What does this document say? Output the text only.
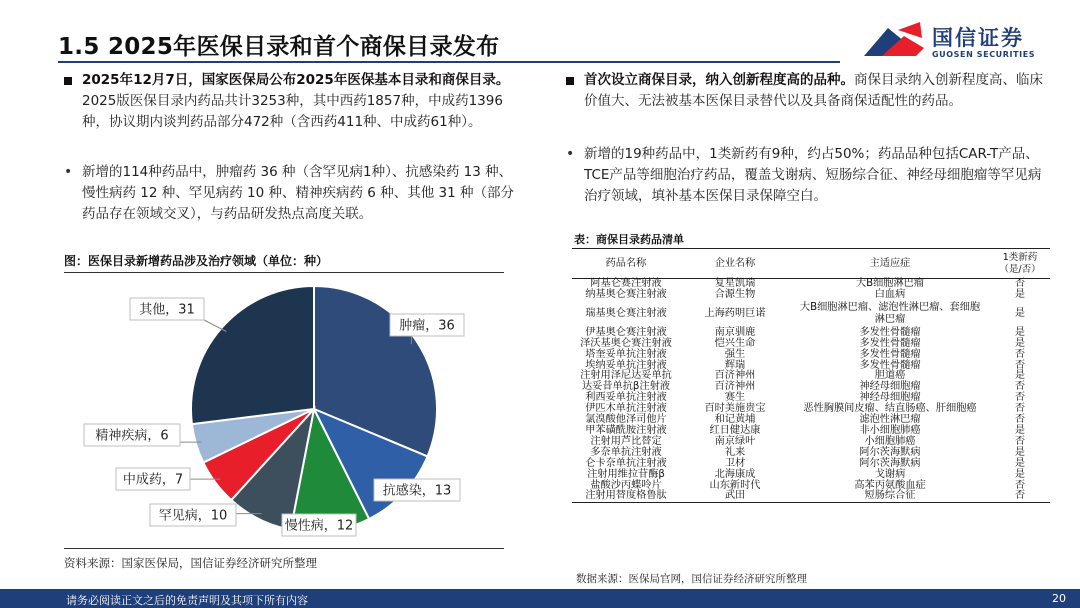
1.5 2025年医保目录和首个商保目录发布	国信证券
GUOSEN SECURITIES
2025年12月7日，国家医保局公布2025年医保基本目录和商保目录。2025版医保目录内药品共计3253种，其中西药1857种，中成药1396种，协议期内谈判药品部分472种（含西药411种、中成药61种）。
• 新增的114种药品中，肿瘤药 36 种（含罕见病1种）、抗感染药 13 种、慢性病药 12 种、罕见病药 10 种、精神疾病药 6 种、其他 31 种（部分药品存在领域交叉），与药品研发热点高度关联。
图：医保目录新增药品涉及治疗领域（单位：种）
肿瘤，36
抗感染，13
慢性病，12
罕见病，10
中成药，7
精神疾病，6
其他，31
资料来源：国家医保局，国信证券经济研究所整理
首次设立商保目录，纳入创新程度高的品种。商保目录纳入创新程度高、临床价值大、无法被基本医保目录替代以及具备商保适配性的药品。
• 新增的19种药品中，1类新药有9种，约占50%；药品品种包括CAR-T产品、TCE产品等细胞治疗药品，覆盖戈谢病、短肠综合征、神经母细胞瘤等罕见病治疗领域，填补基本医保目录保障空白。
表：商保目录药品清单
药品名称	企业名称	主适应症	1类新药（是/否）
阿基仑赛注射液	复星凯瑞	大B细胞淋巴瘤	否
纳基奥仑赛注射液	合源生物	白血病	是
瑞基奥仑赛注射液	上海药明巨诺	大B细胞淋巴瘤、滤泡性淋巴瘤、套细胞淋巴瘤	是
伊基奥仑赛注射液	南京驯鹿	多发性骨髓瘤	是
泽沃基奥仑赛注射液	恺兴生命	多发性骨髓瘤	是
塔奎妥单抗注射液	强生	多发性骨髓瘤	否
埃纳妥单抗注射液	辉瑞	多发性骨髓瘤	否
注射用泽尼达妥单抗	百济神州	胆道癌	是
达妥昔单抗β注射液	百济神州	神经母细胞瘤	否
利西妥单抗注射液	赛生	神经母细胞瘤	否
伊匹木单抗注射液	百时美施贵宝	恶性胸膜间皮瘤、结直肠癌、肝细胞癌	否
氯溴酸他泽司他片	和记黄埔	滤泡性淋巴瘤	否
甲苯磺酰胺注射液	红日健达康	非小细胞肺癌	是
注射用芦比替定	南京绿叶	小细胞肺癌	否
多奈单抗注射液	礼来	阿尔茨海默病	是
仑卡奈单抗注射液	卫材	阿尔茨海默病	是
注射用维拉苷酶β	北海康成	戈谢病	是
盐酸沙丙蝶呤片	山东新时代	高苯丙氨酸血症	否
注射用替度格鲁肽	武田	短肠综合征	否
数据来源：医保局官网，国信证券经济研究所整理
请务必阅读正文之后的免责声明及其项下所有内容	20
